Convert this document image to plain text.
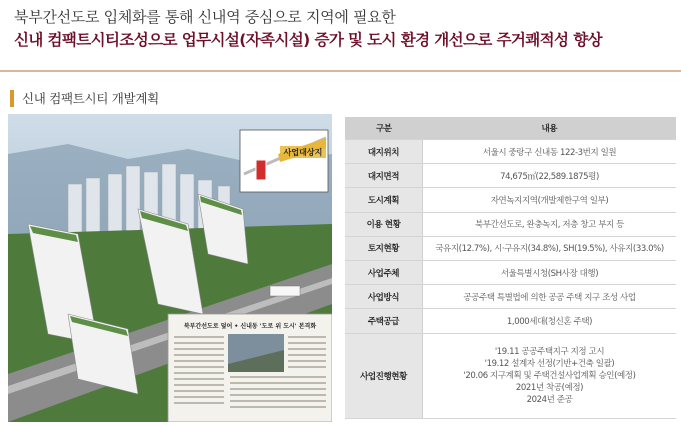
북부간선도로 입체화를 통해 신내역 중심으로 지역에 필요한
신내 컴팩트시티조성으로 업무시설(자족시설) 증가 및 도시 환경 개선으로 주거쾌적성 향상
신내 컴팩트시티 개발계획
사업대상지
북부간선도로 덮어 • 신내동 '도로 위 도시' 본격화
구분	내용
대지위치	서울시 중랑구 신내동 122-3번지 일원
대지면적	74,675㎡(22,589.1875평)
도시계획	자연녹지지역(개발제한구역 일부)
이용 현황	북부간선도로, 완충녹지, 저층 창고 부지 등
토지현황	국유지(12.7%), 시·구유지(34.8%), SH(19.5%), 사유지(33.0%)
사업주체	서울특별시청(SH사장 대행)
사업방식	공공주택 특별법에 의한 공공 주택 지구 조성 사업
주택공급	1,000세대(청신혼 주택)
사업진행현황	'19.11 공공주택지구 지정 고시
'19.12 설계자 선정(기반+건축 일괄)
'20.06 지구계획 및 주택건설사업계획 승인(예정)
2021년 착공(예정)
2024년 준공
